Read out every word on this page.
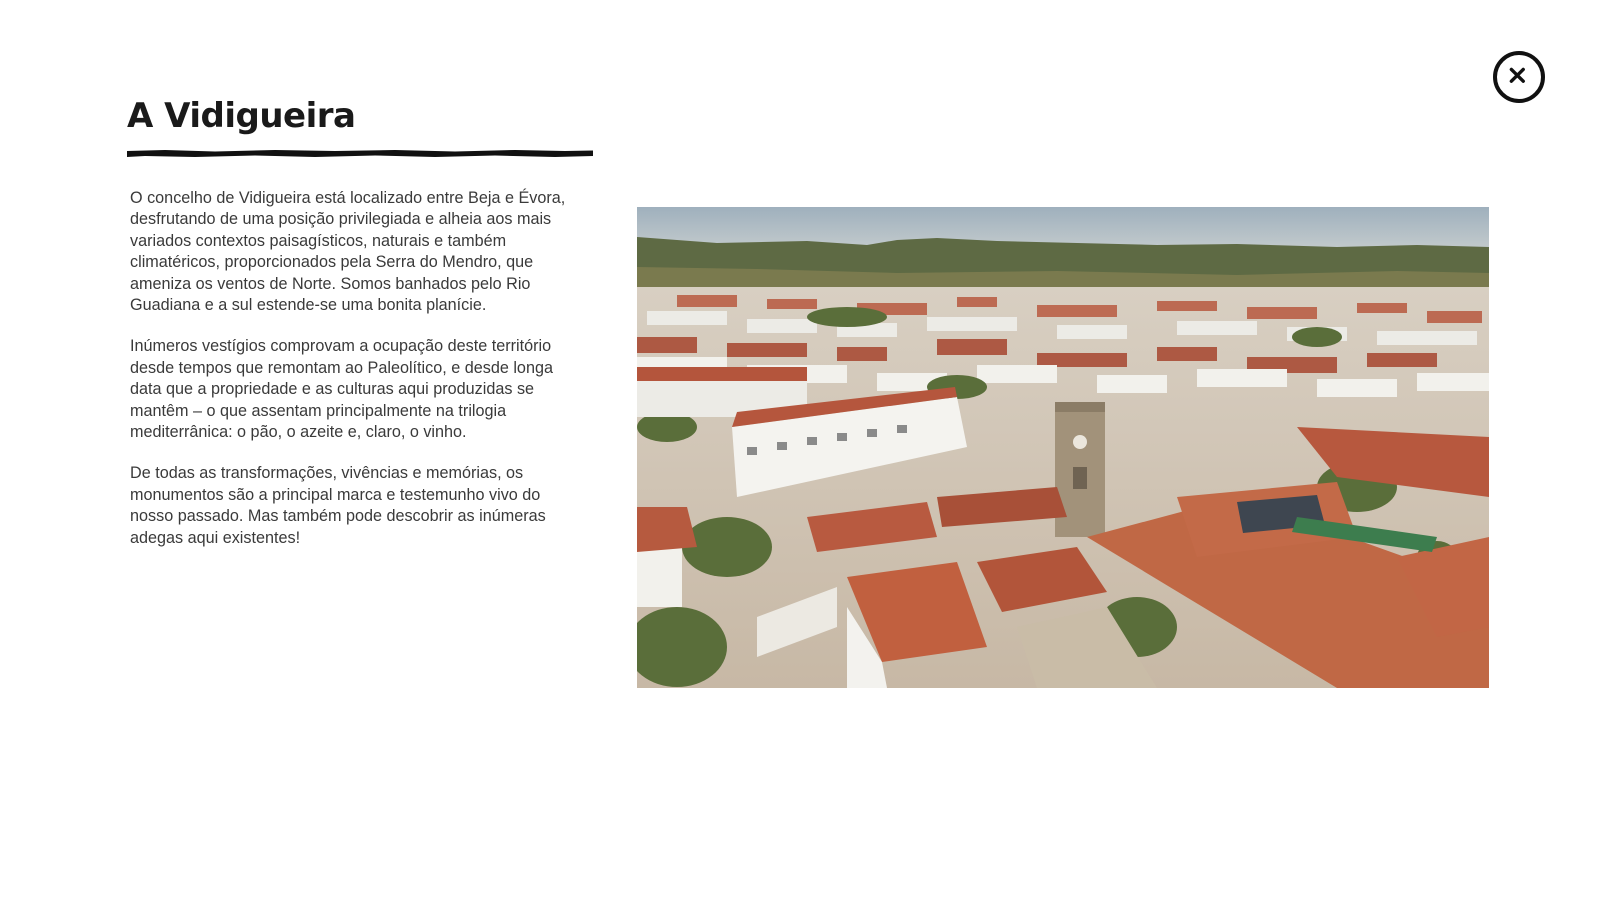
A Vidigueira

O concelho de Vidigueira está localizado entre Beja e Évora, desfrutando de uma posição privilegiada e alheia aos mais variados contextos paisagísticos, naturais e também climatéricos, proporcionados pela Serra do Mendro, que ameniza os ventos de Norte. Somos banhados pelo Rio Guadiana e a sul estende-se uma bonita planície.

Inúmeros vestígios comprovam a ocupação deste território desde tempos que remontam ao Paleolítico, e desde longa data que a propriedade e as culturas aqui produzidas se mantêm – o que assentam principalmente na trilogia mediterrânica: o pão, o azeite e, claro, o vinho.

De todas as transformações, vivências e memórias, os monumentos são a principal marca e testemunho vivo do nosso passado. Mas também pode descobrir as inúmeras adegas aqui existentes!
